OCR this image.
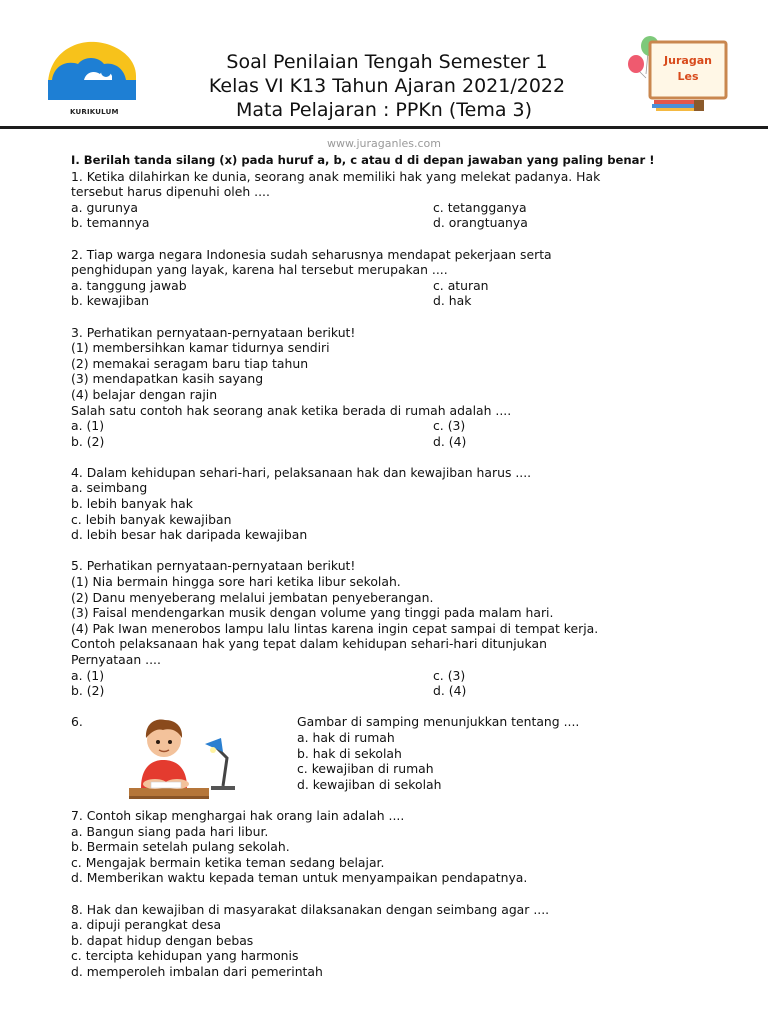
KURIKULUM
Soal Penilaian Tengah Semester 1
Kelas VI K13 Tahun Ajaran 2021/2022
Mata Pelajaran : PPKn (Tema 3)
Juragan
Les
www.juraganles.com
I. Berilah tanda silang (x) pada huruf a, b, c atau d di depan jawaban yang paling benar !
1. Ketika dilahirkan ke dunia, seorang anak memiliki hak yang melekat padanya. Hak
tersebut harus dipenuhi oleh ....
a. gurunya	c. tetangganya
b. temannya	d. orangtuanya
2. Tiap warga negara Indonesia sudah seharusnya mendapat pekerjaan serta
penghidupan yang layak, karena hal tersebut merupakan ....
a. tanggung jawab	c. aturan
b. kewajiban	d. hak
3. Perhatikan pernyataan-pernyataan berikut!
(1) membersihkan kamar tidurnya sendiri
(2) memakai seragam baru tiap tahun
(3) mendapatkan kasih sayang
(4) belajar dengan rajin
Salah satu contoh hak seorang anak ketika berada di rumah adalah ....
a. (1)	c. (3)
b. (2)	d. (4)
4. Dalam kehidupan sehari-hari, pelaksanaan hak dan kewajiban harus ....
a. seimbang
b. lebih banyak hak
c. lebih banyak kewajiban
d. lebih besar hak daripada kewajiban
5. Perhatikan pernyataan-pernyataan berikut!
(1) Nia bermain hingga sore hari ketika libur sekolah.
(2) Danu menyeberang melalui jembatan penyeberangan.
(3) Faisal mendengarkan musik dengan volume yang tinggi pada malam hari.
(4) Pak Iwan menerobos lampu lalu lintas karena ingin cepat sampai di tempat kerja.
Contoh pelaksanaan hak yang tepat dalam kehidupan sehari-hari ditunjukan
Pernyataan ....
a. (1)	c. (3)
b. (2)	d. (4)
6.	Gambar di samping menunjukkan tentang ....
a. hak di rumah
b. hak di sekolah
c. kewajiban di rumah
d. kewajiban di sekolah
7. Contoh sikap menghargai hak orang lain adalah ....
a. Bangun siang pada hari libur.
b. Bermain setelah pulang sekolah.
c. Mengajak bermain ketika teman sedang belajar.
d. Memberikan waktu kepada teman untuk menyampaikan pendapatnya.
8. Hak dan kewajiban di masyarakat dilaksanakan dengan seimbang agar ....
a. dipuji perangkat desa
b. dapat hidup dengan bebas
c. tercipta kehidupan yang harmonis
d. memperoleh imbalan dari pemerintah
